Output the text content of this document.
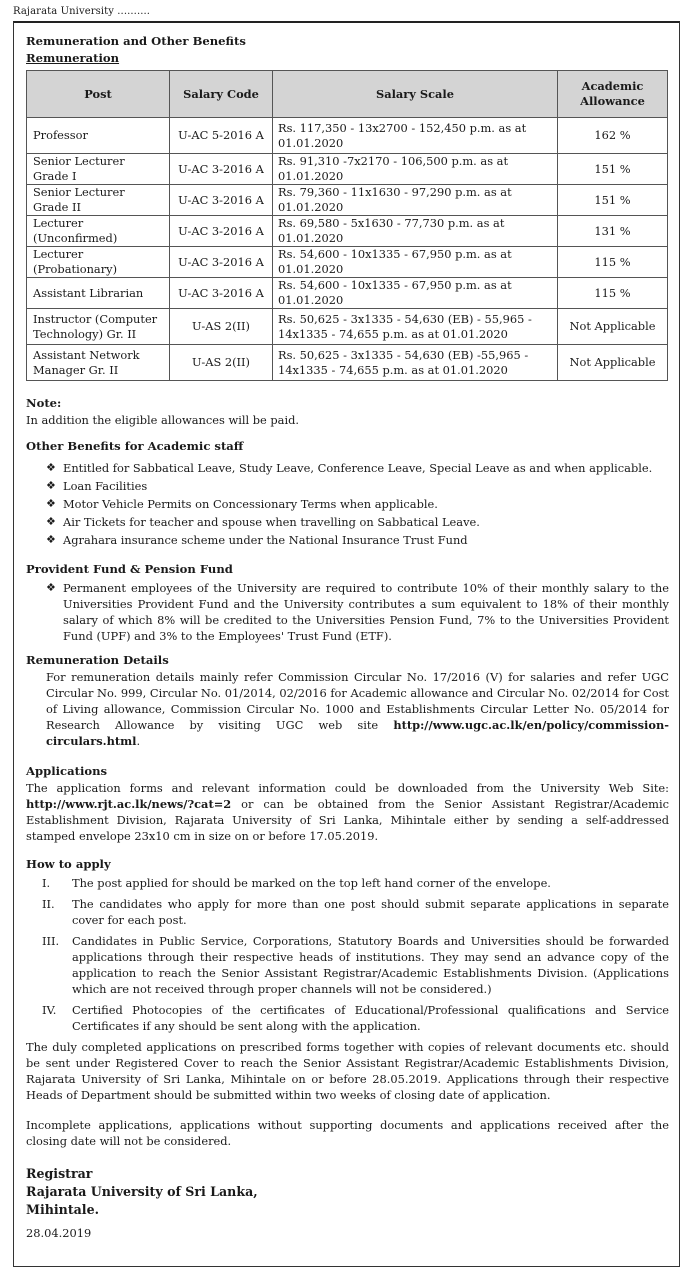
Rajarata University ..........
Remuneration and Other Benefits
Remuneration
Post	Salary Code	Salary Scale	Academic Allowance
Professor	U-AC 5-2016 A	Rs. 117,350 - 13x2700 - 152,450 p.m. as at 01.01.2020	162 %
Senior Lecturer Grade I	U-AC 3-2016 A	Rs. 91,310 -7x2170 - 106,500 p.m. as at 01.01.2020	151 %
Senior Lecturer Grade II	U-AC 3-2016 A	Rs. 79,360 - 11x1630 - 97,290 p.m. as at 01.01.2020	151 %
Lecturer (Unconfirmed)	U-AC 3-2016 A	Rs. 69,580 - 5x1630 - 77,730 p.m. as at 01.01.2020	131 %
Lecturer (Probationary)	U-AC 3-2016 A	Rs. 54,600 - 10x1335 - 67,950 p.m. as at 01.01.2020	115 %
Assistant Librarian	U-AC 3-2016 A	Rs. 54,600 - 10x1335 - 67,950 p.m. as at 01.01.2020	115 %
Instructor (Computer Technology) Gr. II	U-AS 2(II)	Rs. 50,625 - 3x1335 - 54,630 (EB) - 55,965 - 14x1335 - 74,655 p.m. as at 01.01.2020	Not Applicable
Assistant Network Manager Gr. II	U-AS 2(II)	Rs. 50,625 - 3x1335 - 54,630 (EB) -55,965 - 14x1335 - 74,655 p.m. as at 01.01.2020	Not Applicable
Note:
In addition the eligible allowances will be paid.
Other Benefits for Academic staff
❖ Entitled for Sabbatical Leave, Study Leave, Conference Leave, Special Leave as and when applicable.
❖ Loan Facilities
❖ Motor Vehicle Permits on Concessionary Terms when applicable.
❖ Air Tickets for teacher and spouse when travelling on Sabbatical Leave.
❖ Agrahara insurance scheme under the National Insurance Trust Fund
Provident Fund & Pension Fund
❖ Permanent employees of the University are required to contribute 10% of their monthly salary to the Universities Provident Fund and the University contributes a sum equivalent to 18% of their monthly salary of which 8% will be credited to the Universities Pension Fund, 7% to the Universities Provident Fund (UPF) and 3% to the Employees' Trust Fund (ETF).
Remuneration Details
For remuneration details mainly refer Commission Circular No. 17/2016 (V) for salaries and refer UGC Circular No. 999, Circular No. 01/2014, 02/2016 for Academic allowance and Circular No. 02/2014 for Cost of Living allowance, Commission Circular No. 1000 and Establishments Circular Letter No. 05/2014 for Research Allowance by visiting UGC web site http://www.ugc.ac.lk/en/policy/commission-circulars.html.
Applications
The application forms and relevant information could be downloaded from the University Web Site: http://www.rjt.ac.lk/news/?cat=2 or can be obtained from the Senior Assistant Registrar/Academic Establishment Division, Rajarata University of Sri Lanka, Mihintale either by sending a self-addressed stamped envelope 23x10 cm in size on or before 17.05.2019.
How to apply
I.	The post applied for should be marked on the top left hand corner of the envelope.
II.	The candidates who apply for more than one post should submit separate applications in separate cover for each post.
III.	Candidates in Public Service, Corporations, Statutory Boards and Universities should be forwarded applications through their respective heads of institutions. They may send an advance copy of the application to reach the Senior Assistant Registrar/Academic Establishments Division. (Applications which are not received through proper channels will not be considered.)
IV.	Certified Photocopies of the certificates of Educational/Professional qualifications and Service Certificates if any should be sent along with the application.
The duly completed applications on prescribed forms together with copies of relevant documents etc. should be sent under Registered Cover to reach the Senior Assistant Registrar/Academic Establishments Division, Rajarata University of Sri Lanka, Mihintale on or before 28.05.2019. Applications through their respective Heads of Department should be submitted within two weeks of closing date of application.
Incomplete applications, applications without supporting documents and applications received after the closing date will not be considered.
Registrar
Rajarata University of Sri Lanka,
Mihintale.
28.04.2019
